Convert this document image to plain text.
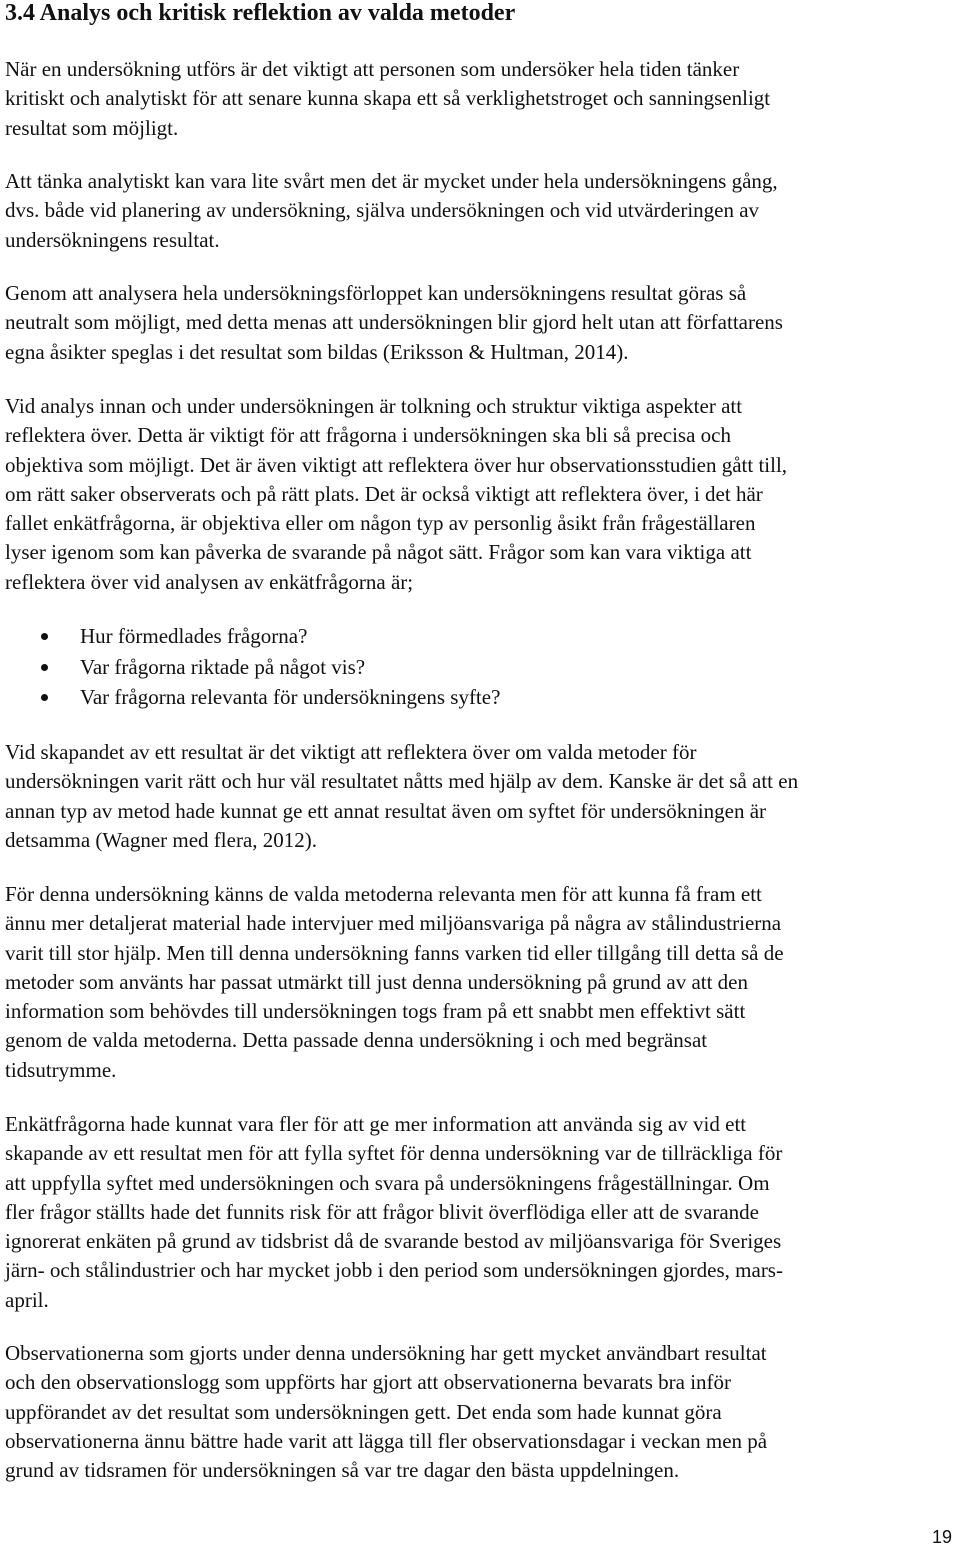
3.4 Analys och kritisk reflektion av valda metoder

När en undersökning utförs är det viktigt att personen som undersöker hela tiden tänker
kritiskt och analytiskt för att senare kunna skapa ett så verklighetstroget och sanningsenligt
resultat som möjligt.

Att tänka analytiskt kan vara lite svårt men det är mycket under hela undersökningens gång,
dvs. både vid planering av undersökning, själva undersökningen och vid utvärderingen av
undersökningens resultat.

Genom att analysera hela undersökningsförloppet kan undersökningens resultat göras så
neutralt som möjligt, med detta menas att undersökningen blir gjord helt utan att författarens
egna åsikter speglas i det resultat som bildas (Eriksson & Hultman, 2014).

Vid analys innan och under undersökningen är tolkning och struktur viktiga aspekter att
reflektera över. Detta är viktigt för att frågorna i undersökningen ska bli så precisa och
objektiva som möjligt. Det är även viktigt att reflektera över hur observationsstudien gått till,
om rätt saker observerats och på rätt plats. Det är också viktigt att reflektera över, i det här
fallet enkätfrågorna, är objektiva eller om någon typ av personlig åsikt från frågeställaren
lyser igenom som kan påverka de svarande på något sätt. Frågor som kan vara viktiga att
reflektera över vid analysen av enkätfrågorna är;

Hur förmedlades frågorna?
Var frågorna riktade på något vis?
Var frågorna relevanta för undersökningens syfte?

Vid skapandet av ett resultat är det viktigt att reflektera över om valda metoder för
undersökningen varit rätt och hur väl resultatet nåtts med hjälp av dem. Kanske är det så att en
annan typ av metod hade kunnat ge ett annat resultat även om syftet för undersökningen är
detsamma (Wagner med flera, 2012).

För denna undersökning känns de valda metoderna relevanta men för att kunna få fram ett
ännu mer detaljerat material hade intervjuer med miljöansvariga på några av stålindustrierna
varit till stor hjälp. Men till denna undersökning fanns varken tid eller tillgång till detta så de
metoder som använts har passat utmärkt till just denna undersökning på grund av att den
information som behövdes till undersökningen togs fram på ett snabbt men effektivt sätt
genom de valda metoderna. Detta passade denna undersökning i och med begränsat
tidsutrymme.

Enkätfrågorna hade kunnat vara fler för att ge mer information att använda sig av vid ett
skapande av ett resultat men för att fylla syftet för denna undersökning var de tillräckliga för
att uppfylla syftet med undersökningen och svara på undersökningens frågeställningar. Om
fler frågor ställts hade det funnits risk för att frågor blivit överflödiga eller att de svarande
ignorerat enkäten på grund av tidsbrist då de svarande bestod av miljöansvariga för Sveriges
järn- och stålindustrier och har mycket jobb i den period som undersökningen gjordes, mars-
april.

Observationerna som gjorts under denna undersökning har gett mycket användbart resultat
och den observationslogg som uppförts har gjort att observationerna bevarats bra inför
uppförandet av det resultat som undersökningen gett. Det enda som hade kunnat göra
observationerna ännu bättre hade varit att lägga till fler observationsdagar i veckan men på
grund av tidsramen för undersökningen så var tre dagar den bästa uppdelningen.

19
